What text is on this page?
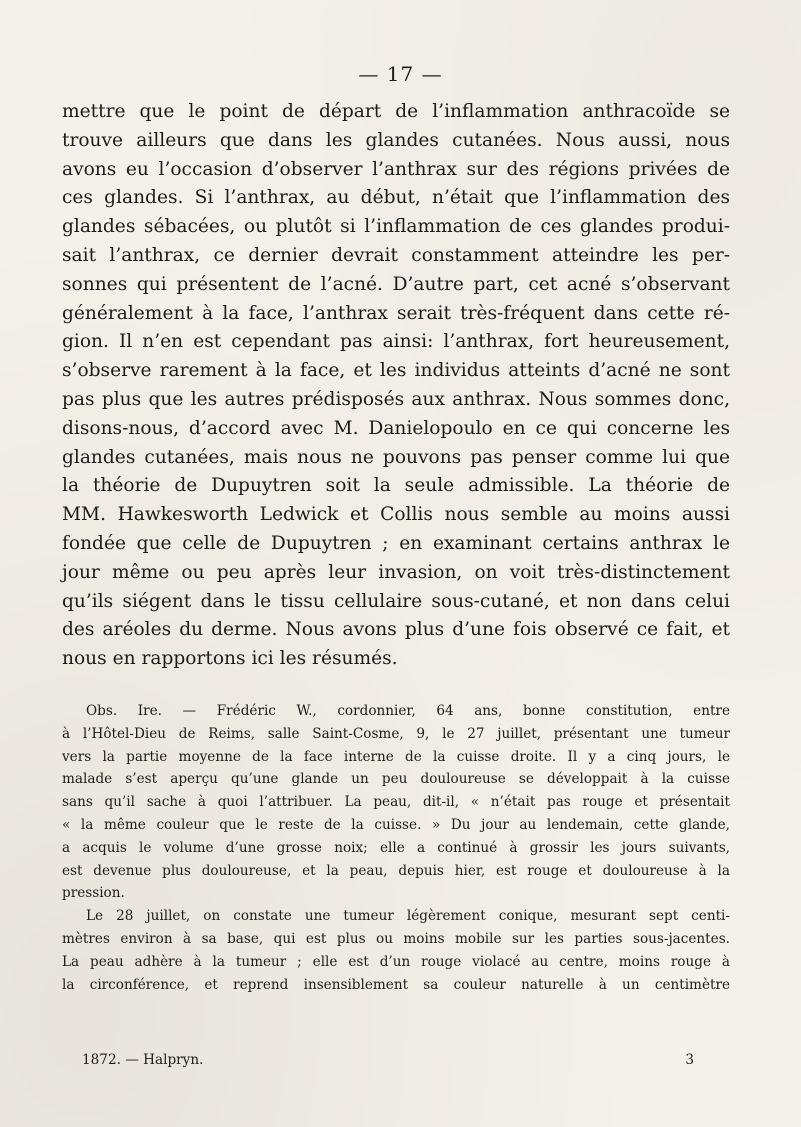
— 17 —

mettre que le point de départ de l’inflammation anthracoïde se
trouve ailleurs que dans les glandes cutanées. Nous aussi, nous
avons eu l’occasion d’observer l’anthrax sur des régions privées de
ces glandes. Si l’anthrax, au début, n’était que l’inflammation des
glandes sébacées, ou plutôt si l’inflammation de ces glandes produi-
sait l’anthrax, ce dernier devrait constamment atteindre les per-
sonnes qui présentent de l’acné. D’autre part, cet acné s’observant
généralement à la face, l’anthrax serait très-fréquent dans cette ré-
gion. Il n’en est cependant pas ainsi: l’anthrax, fort heureusement,
s’observe rarement à la face, et les individus atteints d’acné ne sont
pas plus que les autres prédisposés aux anthrax. Nous sommes donc,
disons-nous, d’accord avec M. Danielopoulo en ce qui concerne les
glandes cutanées, mais nous ne pouvons pas penser comme lui que
la théorie de Dupuytren soit la seule admissible. La théorie de
MM. Hawkesworth Ledwick et Collis nous semble au moins aussi
fondée que celle de Dupuytren ; en examinant certains anthrax le
jour même ou peu après leur invasion, on voit très-distinctement
qu’ils siégent dans le tissu cellulaire sous-cutané, et non dans celui
des aréoles du derme. Nous avons plus d’une fois observé ce fait, et
nous en rapportons ici les résumés.

Obs. Ire. — Frédéric W., cordonnier, 64 ans, bonne constitution, entre
à l’Hôtel-Dieu de Reims, salle Saint-Cosme, 9, le 27 juillet, présentant une tumeur
vers la partie moyenne de la face interne de la cuisse droite. Il y a cinq jours, le
malade s’est aperçu qu’une glande un peu douloureuse se développait à la cuisse
sans qu’il sache à quoi l’attribuer. La peau, dit-il, « n’était pas rouge et présentait
« la même couleur que le reste de la cuisse. » Du jour au lendemain, cette glande,
a acquis le volume d’une grosse noix; elle a continué à grossir les jours suivants,
est devenue plus douloureuse, et la peau, depuis hier, est rouge et douloureuse à la
pression.

Le 28 juillet, on constate une tumeur légèrement conique, mesurant sept centi-
mètres environ à sa base, qui est plus ou moins mobile sur les parties sous-jacentes.
La peau adhère à la tumeur ; elle est d’un rouge violacé au centre, moins rouge à
la circonférence, et reprend insensiblement sa couleur naturelle à un centimètre

1872. — Halpryn.	3
